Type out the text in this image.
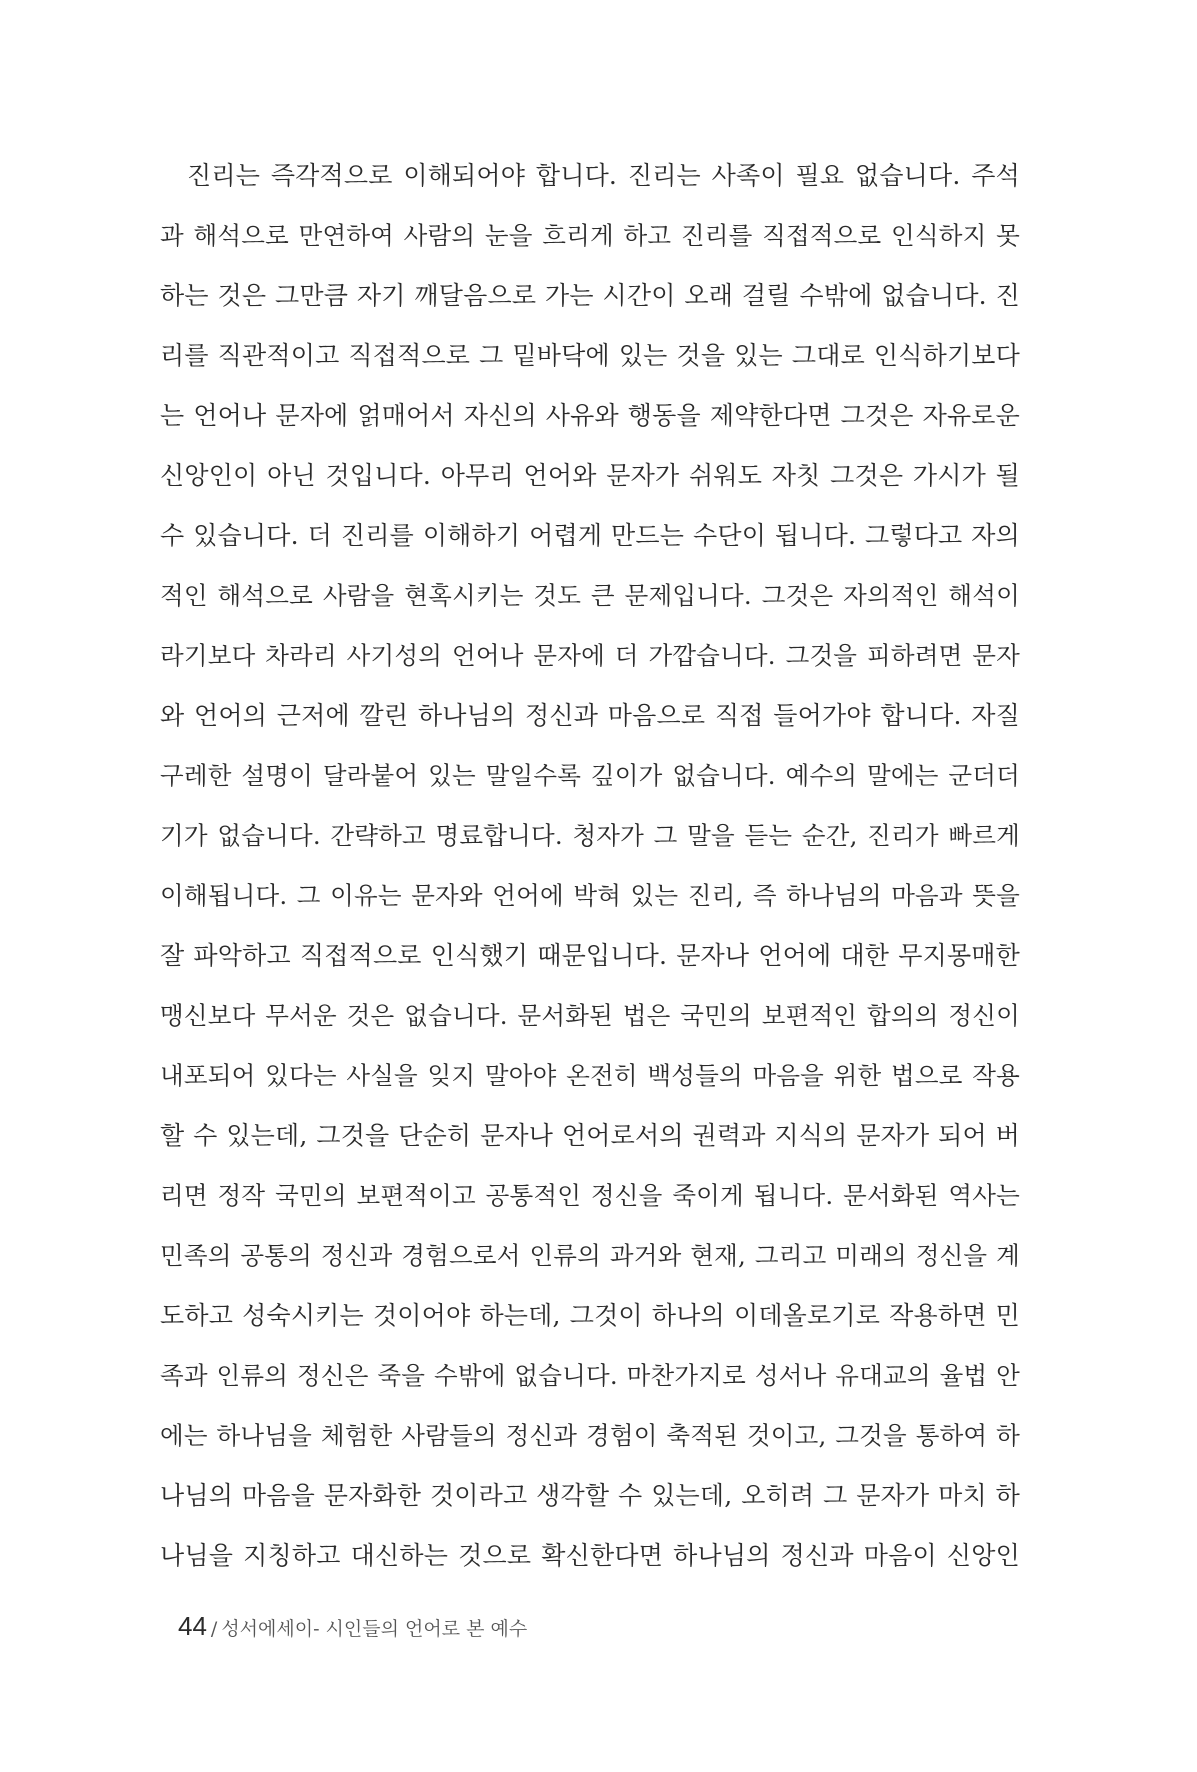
진리는 즉각적으로 이해되어야 합니다. 진리는 사족이 필요 없습니다. 주석
과 해석으로 만연하여 사람의 눈을 흐리게 하고 진리를 직접적으로 인식하지 못
하는 것은 그만큼 자기 깨달음으로 가는 시간이 오래 걸릴 수밖에 없습니다. 진
리를 직관적이고 직접적으로 그 밑바닥에 있는 것을 있는 그대로 인식하기보다
는 언어나 문자에 얽매어서 자신의 사유와 행동을 제약한다면 그것은 자유로운
신앙인이 아닌 것입니다. 아무리 언어와 문자가 쉬워도 자칫 그것은 가시가 될
수 있습니다. 더 진리를 이해하기 어렵게 만드는 수단이 됩니다. 그렇다고 자의
적인 해석으로 사람을 현혹시키는 것도 큰 문제입니다. 그것은 자의적인 해석이
라기보다 차라리 사기성의 언어나 문자에 더 가깝습니다. 그것을 피하려면 문자
와 언어의 근저에 깔린 하나님의 정신과 마음으로 직접 들어가야 합니다. 자질
구레한 설명이 달라붙어 있는 말일수록 깊이가 없습니다. 예수의 말에는 군더더
기가 없습니다. 간략하고 명료합니다. 청자가 그 말을 듣는 순간, 진리가 빠르게
이해됩니다. 그 이유는 문자와 언어에 박혀 있는 진리, 즉 하나님의 마음과 뜻을
잘 파악하고 직접적으로 인식했기 때문입니다. 문자나 언어에 대한 무지몽매한
맹신보다 무서운 것은 없습니다. 문서화된 법은 국민의 보편적인 합의의 정신이
내포되어 있다는 사실을 잊지 말아야 온전히 백성들의 마음을 위한 법으로 작용
할 수 있는데, 그것을 단순히 문자나 언어로서의 권력과 지식의 문자가 되어 버
리면 정작 국민의 보편적이고 공통적인 정신을 죽이게 됩니다. 문서화된 역사는
민족의 공통의 정신과 경험으로서 인류의 과거와 현재, 그리고 미래의 정신을 계
도하고 성숙시키는 것이어야 하는데, 그것이 하나의 이데올로기로 작용하면 민
족과 인류의 정신은 죽을 수밖에 없습니다. 마찬가지로 성서나 유대교의 율법 안
에는 하나님을 체험한 사람들의 정신과 경험이 축적된 것이고, 그것을 통하여 하
나님의 마음을 문자화한 것이라고 생각할 수 있는데, 오히려 그 문자가 마치 하
나님을 지칭하고 대신하는 것으로 확신한다면 하나님의 정신과 마음이 신앙인
44 / 성서에세이- 시인들의 언어로 본 예수
